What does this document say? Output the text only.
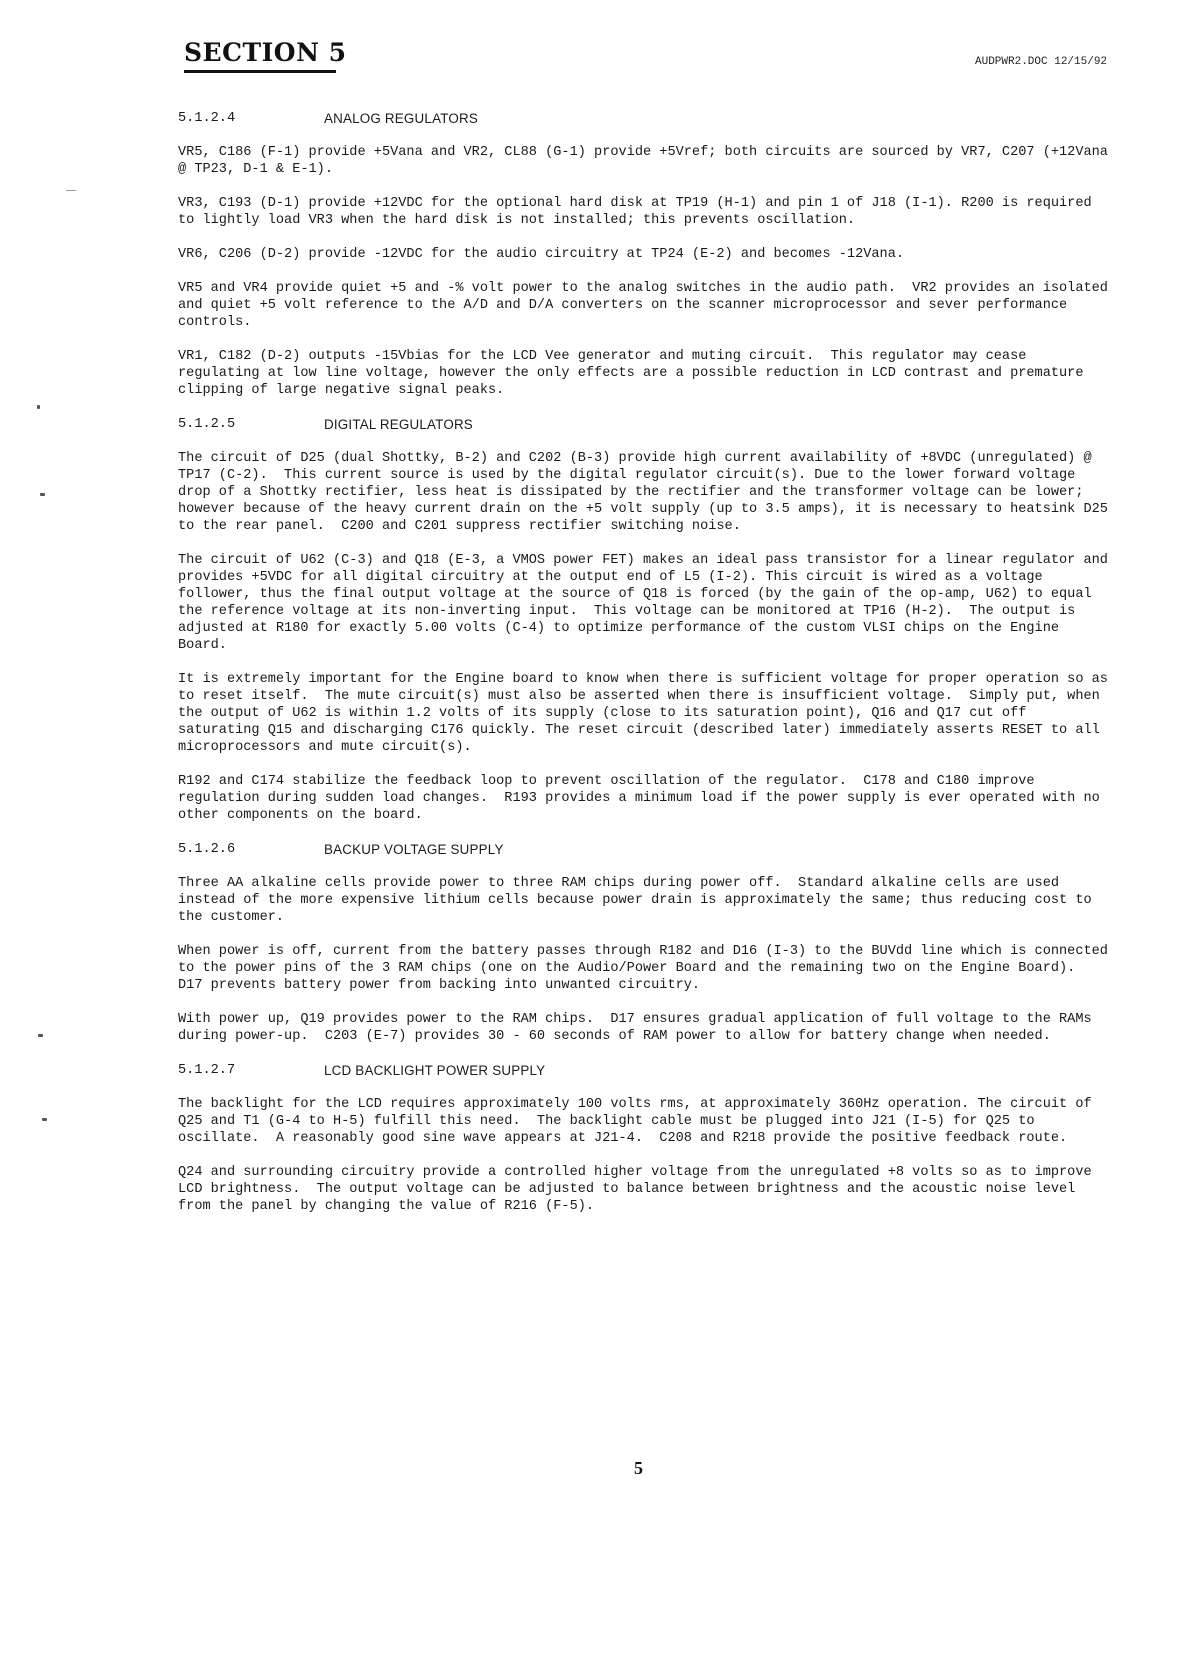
SECTION 5	AUDPWR2.DOC 12/15/92
5.1.2.4	ANALOG REGULATORS

VR5, C186 (F-1) provide +5Vana and VR2, CL88 (G-1) provide +5Vref; both circuits are sourced by VR7, C207 (+12Vana @ TP23, D-1 & E-1).

VR3, C193 (D-1) provide +12VDC for the optional hard disk at TP19 (H-1) and pin 1 of J18 (I-1). R200 is required to lightly load VR3 when the hard disk is not installed; this prevents oscillation.

VR6, C206 (D-2) provide -12VDC for the audio circuitry at TP24 (E-2) and becomes -12Vana.

VR5 and VR4 provide quiet +5 and -% volt power to the analog switches in the audio path.  VR2 provides an isolated and quiet +5 volt reference to the A/D and D/A converters on the scanner microprocessor and sever performance controls.

VR1, C182 (D-2) outputs -15Vbias for the LCD Vee generator and muting circuit.  This regulator may cease regulating at low line voltage, however the only effects are a possible reduction in LCD contrast and premature clipping of large negative signal peaks.

5.1.2.5	DIGITAL REGULATORS

The circuit of D25 (dual Shottky, B-2) and C202 (B-3) provide high current availability of +8VDC (unregulated) @ TP17 (C-2).  This current source is used by the digital regulator circuit(s). Due to the lower forward voltage drop of a Shottky rectifier, less heat is dissipated by the rectifier and the transformer voltage can be lower; however because of the heavy current drain on the +5 volt supply (up to 3.5 amps), it is necessary to heatsink D25 to the rear panel.  C200 and C201 suppress rectifier switching noise.

The circuit of U62 (C-3) and Q18 (E-3, a VMOS power FET) makes an ideal pass transistor for a linear regulator and provides +5VDC for all digital circuitry at the output end of L5 (I-2). This circuit is wired as a voltage follower, thus the final output voltage at the source of Q18 is forced (by the gain of the op-amp, U62) to equal the reference voltage at its non-inverting input.  This voltage can be monitored at TP16 (H-2).  The output is adjusted at R180 for exactly 5.00 volts (C-4) to optimize performance of the custom VLSI chips on the Engine Board.

It is extremely important for the Engine board to know when there is sufficient voltage for proper operation so as to reset itself.  The mute circuit(s) must also be asserted when there is insufficient voltage.  Simply put, when the output of U62 is within 1.2 volts of its supply (close to its saturation point), Q16 and Q17 cut off saturating Q15 and discharging C176 quickly. The reset circuit (described later) immediately asserts RESET to all microprocessors and mute circuit(s).

R192 and C174 stabilize the feedback loop to prevent oscillation of the regulator.  C178 and C180 improve regulation during sudden load changes.  R193 provides a minimum load if the power supply is ever operated with no other components on the board.

5.1.2.6	BACKUP VOLTAGE SUPPLY

Three AA alkaline cells provide power to three RAM chips during power off.  Standard alkaline cells are used instead of the more expensive lithium cells because power drain is approximately the same; thus reducing cost to the customer.

When power is off, current from the battery passes through R182 and D16 (I-3) to the BUVdd line which is connected to the power pins of the 3 RAM chips (one on the Audio/Power Board and the remaining two on the Engine Board).  D17 prevents battery power from backing into unwanted circuitry.

With power up, Q19 provides power to the RAM chips.  D17 ensures gradual application of full voltage to the RAMs during power-up.  C203 (E-7) provides 30 - 60 seconds of RAM power to allow for battery change when needed.

5.1.2.7	LCD BACKLIGHT POWER SUPPLY

The backlight for the LCD requires approximately 100 volts rms, at approximately 360Hz operation. The circuit of Q25 and T1 (G-4 to H-5) fulfill this need.  The backlight cable must be plugged into J21 (I-5) for Q25 to oscillate.  A reasonably good sine wave appears at J21-4.  C208 and R218 provide the positive feedback route.

Q24 and surrounding circuitry provide a controlled higher voltage from the unregulated +8 volts so as to improve LCD brightness.  The output voltage can be adjusted to balance between brightness and the acoustic noise level from the panel by changing the value of R216 (F-5).

5
